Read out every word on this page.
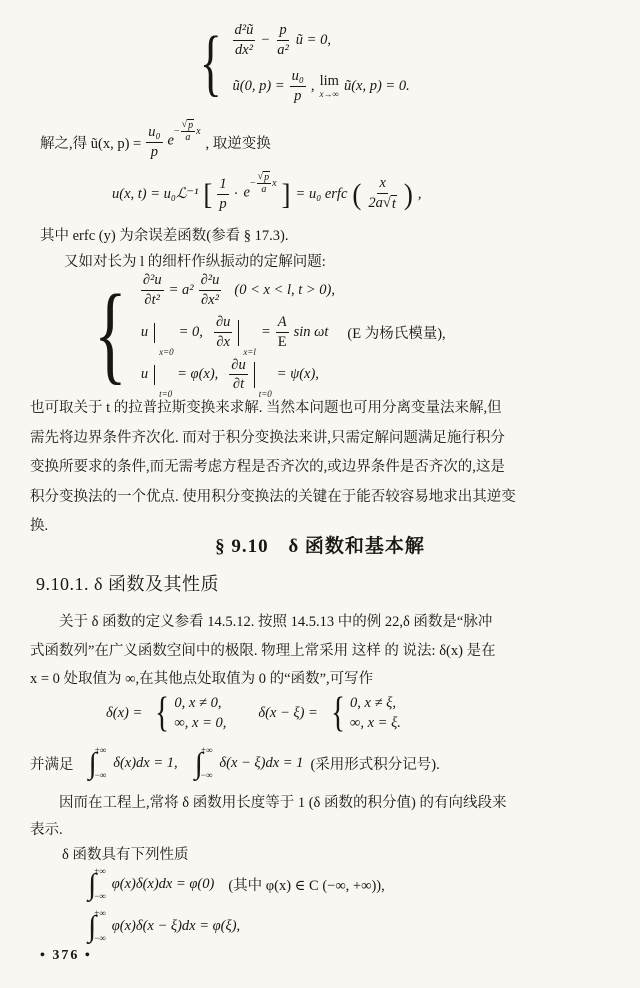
{ $\frac{\text{d²ũ}}{\text{dx²}} - \frac{p}{\text{a²}}$ ũ = 0,
ũ(0, $p) = \frac{\text{u₀}}{p}$ , lim
x→∞ ũ(x, p) = 0.
解之,得 ũ(x, $p) = \frac{\text{u₀}}{p}$ e
− $\frac{√ p}{a}$ x
, 取逆变换
u(x, t) = u₀ℒ⁻¹ [ $\frac{1}{p} \cdot e$
− $\frac{√ p}{a}$ x ] = u₀ erfc ( $\frac{x}{2a √ t}$ ) ,
其中 erfc (y) 为余误差函数(参看 § 17.3).
又如对长为 l 的细杆作纵振动的定解问题:
{ $\frac{\text{∂²u}}{\text{∂t²}} = a^2 \frac{\text{∂²u}}{\text{∂x²}} (0 < x < l$, t > 0),
u
x=0
= 0, $\frac{\partial u}{\partial x}$
x=l
= $\frac{A}{E}$ sin ωt (E 为杨氏模量),
u
t=0
= φ(x), $\frac{\partial u}{\partial t}$
t=0
= ψ(x),
也可取关于 t 的拉普拉斯变换来求解. 当然本问题也可用分离变量法来解,但
需先将边界条件齐次化. 而对于积分变换法来讲,只需定解问题满足施行积分
变换所要求的条件,而无需考虑方程是否齐次的,或边界条件是否齐次的,这是
积分变换法的一个优点. 使用积分变换法的关键在于能否较容易地求出其逆变
换.
§ 9.10 δ 函数和基本解
9.10.1. δ 函数及其性质
关于 δ 函数的定义参看 14.5.12. 按照 14.5.13 中的例 22,δ 函数是“脉冲
式函数列”在广义函数空间中的极限. 物理上常采用 这样 的 说法: δ(x) 是在
x = 0 处取值为 ∞,在其他点处取值为 0 的“函数”,可写作
δ(x) = { 0, x ≠ 0,
∞, x = 0,
δ(x − ξ) = { 0, x ≠ ξ,
∞, x = ξ.
并满足 ∫
+∞
−∞
δ(x)dx = 1, ∫
+∞
−∞
δ(x − ξ)dx = 1 (采用形式积分记号).
因而在工程上,常将 δ 函数用长度等于 1 (δ 函数的积分值) 的有向线段来
表示.
δ 函数具有下列性质
∫
+∞
−∞
φ(x)δ(x)dx = φ(0) (其中 φ(x) ∈ C (−∞, +∞)),
∫
+∞
−∞
φ(x)δ(x − ξ)dx = φ(ξ),
• 376 •
